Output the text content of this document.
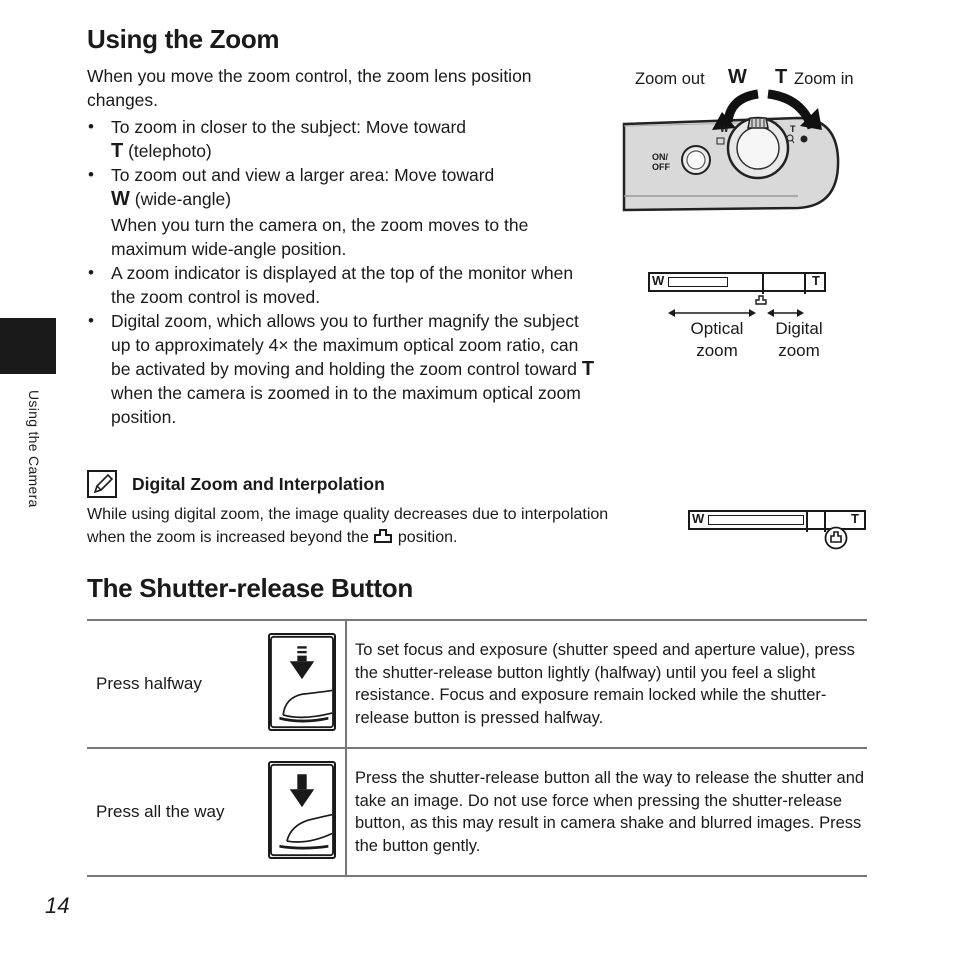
Using the Camera
Using the Zoom
When you move the zoom control, the zoom lens position changes.
• To zoom in closer to the subject: Move toward
T (telephoto)
• To zoom out and view a larger area: Move toward
W (wide-angle)
When you turn the camera on, the zoom moves to the maximum wide-angle position.
• A zoom indicator is displayed at the top of the monitor when the zoom control is moved.
• Digital zoom, which allows you to further magnify the subject up to approximately 4× the maximum optical zoom ratio, can be activated by moving and holding the zoom control toward T when the camera is zoomed in to the maximum optical zoom position.
Zoom out W T Zoom in
ON/
OFF
W	T
W	T
Optical zoom
Digital zoom
Digital Zoom and Interpolation
While using digital zoom, the image quality decreases due to interpolation when the zoom is increased beyond the position.
W	T
The Shutter-release Button
Press halfway		To set focus and exposure (shutter speed and aperture value), press the shutter-release button lightly (halfway) until you feel a slight resistance. Focus and exposure remain locked while the shutter-release button is pressed halfway.
Press all the way		Press the shutter-release button all the way to release the shutter and take an image. Do not use force when pressing the shutter-release button, as this may result in camera shake and blurred images. Press the button gently.
14
